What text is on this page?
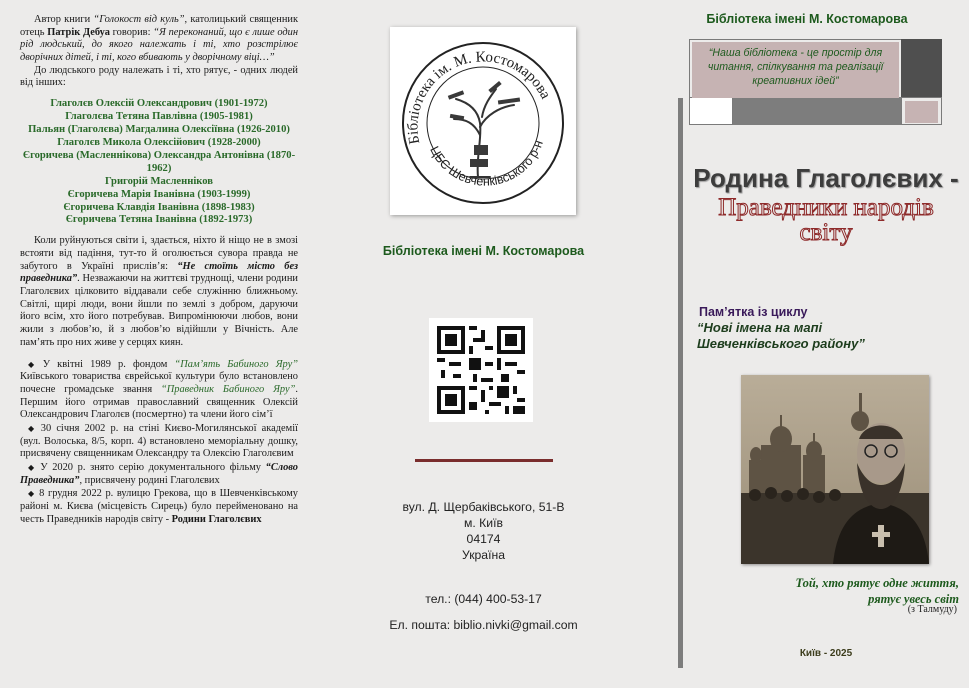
Автор книги “Голокост від куль”, католицький священник отець Патрік Дебуа говорив: “Я переконаний, що є лише один рід людський, до якого належать і ті, хто розстрілює дворічних дітей, і ті, кого вбивають у дворічному віці…”

До людського роду належать і ті, хто рятує, - одних людей від інших:

Глаголєв Олексій Олександрович (1901-1972)
Глаголєва Тетяна Павлівна (1905-1981)
Пальян (Глаголєва) Магдалина Олексіївна (1926-2010)
Глаголєв Микола Олексійович (1928-2000)
Єгоричева (Масленнікова) Олександра Антонівна (1870-1962)
Григорій Масленніков
Єгоричева Марія Іванівна (1903-1999)
Єгоричева Клавдія Іванівна (1898-1983)
Єгоричева Тетяна Іванівна (1892-1973)

Коли руйнуються світи і, здається, ніхто й ніщо не в змозі встояти від падіння, тут-то й оголюється сувора правда не забутого в Україні прислів’я: “Не стоїть місто без праведника”. Незважаючи на життєві труднощі, члени родини Глаголєвих цілковито віддавали себе служінню ближньому. Світлі, щирі люди, вони йшли по землі з добром, даруючи його всім, хто його потребував. Випромінюючи любов, вони жили з любов’ю, й з любов’ю відійшли у Вічність. Але пам’ять про них живе у серцях киян.

◆ У квітні 1989 р. фондом “Пам’ять Бабиного Яру” Київського товариства єврейської культури було встановлено почесне громадське звання “Праведник Бабиного Яру”. Першим його отримав православний священник Олексій Олександрович Глаголєв (посмертно) та члени його сім’ї

◆ 30 січня 2002 р. на стіні Києво-Могилянської академії (вул. Волоська, 8/5, корп. 4) встановлено меморіальну дошку, присвячену священникам Олександру та Олексію Глаголєвим

◆ У 2020 р. знято серію документального фільму “Слово Праведника”, присвячену родині Глаголєвих

◆ 8 грудня 2022 р. вулицю Грекова, що в Шевченківському районі м. Києва (місцевість Сирець) було перейменовано на честь Праведників народів світу - Родини Глаголєвих

Бібліотека ім. М. Костомарова
ЦБС Шевченківського р-н
Бібліотека імені М. Костомарова
вул. Д. Щербаківського, 51-В
м. Київ
04174
Україна
тел.: (044) 400-53-17
Ел. пошта: biblio.nivki@gmail.com
Бібліотека імені М. Костомарова
“Наша бібліотека - це простір для читання, спілкування та реалізації креативних ідей”
Родина Глаголєвих -
Праведники народів
світу
Пам’ятка із циклу
“Нові імена на мапі Шевченківського району”
Той, хто рятує одне життя,
рятує увесь світ
(з Талмуду)
Київ - 2025
